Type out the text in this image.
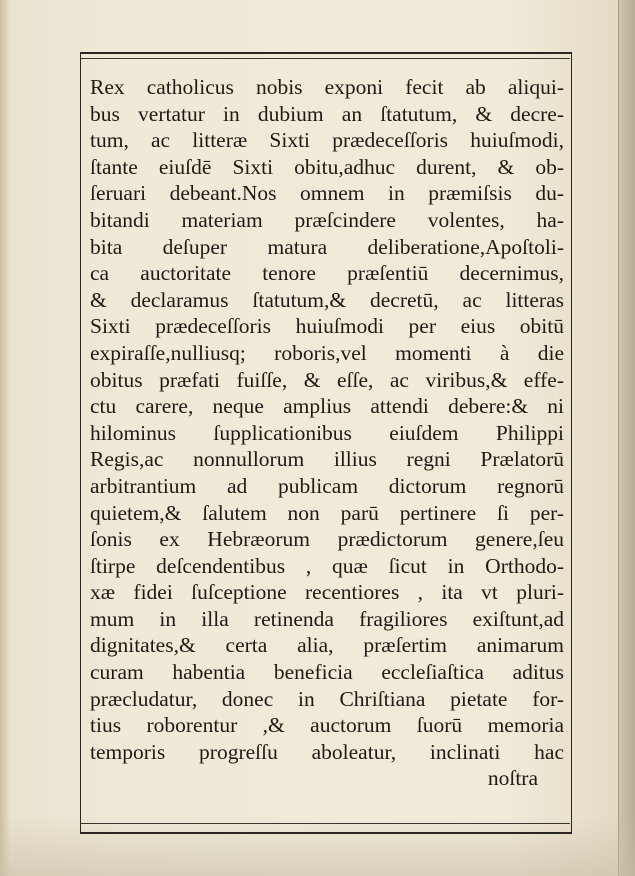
Rex catholicus nobis exponi fecit ab aliqui-
bus vertatur in dubium an ſtatutum, & decre-
tum, ac litteræ Sixti prædeceſſoris huiuſmodi,
ſtante eiuſdē Sixti obitu,adhuc durent, & ob-
ſeruari debeant.Nos omnem in præmiſsis du-
bitandi materiam præſcindere volentes, ha-
bita deſuper matura deliberatione,Apoſtoli-
ca auctoritate tenore præſentiū decernimus,
& declaramus ſtatutum,& decretū, ac litteras
Sixti prædeceſſoris huiuſmodi per eius obitū
expiraſſe,nulliusq; roboris,vel momenti à die
obitus præfati fuiſſe, & eſſe, ac viribus,& effe-
ctu carere, neque amplius attendi debere:& ni
hilominus ſupplicationibus eiuſdem Philippi
Regis,ac nonnullorum illius regni Prælatorū
arbitrantium ad publicam dictorum regnorū
quietem,& ſalutem non parū pertinere ſi per-
ſonis ex Hebræorum prædictorum genere,ſeu
ſtirpe deſcendentibus , quæ ſicut in Orthodo-
xæ fidei ſuſceptione recentiores , ita vt pluri-
mum in illa retinenda fragiliores exiſtunt,ad
dignitates,& certa alia, præſertim animarum
curam habentia beneficia eccleſiaſtica aditus
præcludatur, donec in Chriſtiana pietate for-
tius roborentur ,& auctorum ſuorū memoria
temporis progreſſu aboleatur, inclinati hac
noſtra
